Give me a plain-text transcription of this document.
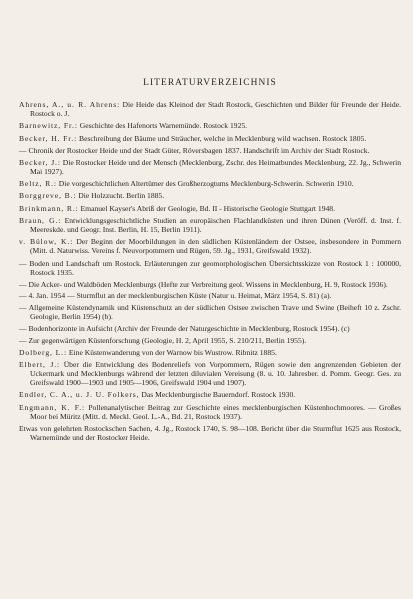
LITERATURVERZEICHNIS
Ahrens, A., u. R. Ahrens: Die Heide das Kleinod der Stadt Rostock, Geschichten und Bilder für Freunde der Heide. Rostock o. J.
Barnewitz, Fr.: Geschichte des Hafenorts Warnemünde. Rostock 1925.
Becker, H. Fr.: Beschreibung der Bäume und Sträucher, welche in Mecklenburg wild wachsen. Rostock 1805.
— Chronik der Rostocker Heide und der Stadt Güter, Röversbagen 1837. Handschrift im Archiv der Stadt Rostock.
Becker, J.: Die Rostocker Heide und der Mensch (Mecklenburg, Zschr. des Heimatbundes Mecklenburg, 22. Jg., Schwerin Mai 1927).
Beltz, R.: Die vorgeschichtlichen Altertümer des Großherzogtums Mecklenburg-Schwerin. Schwerin 1910.
Borggreve, B.: Die Holzzucht. Berlin 1885.
Brinkmann, R.: Emanuel Kayser's Abriß der Geologie, Bd. II - Historische Geologie Stuttgart 1948.
Braun, G.: Entwicklungsgeschichtliche Studien an europäischen Flachlandküsten und ihren Dünen (Veröff. d. Inst. f. Meereskde. und Geogr. Inst. Berlin, H. 15, Berlin 1911).
v. Bülow, K.: Der Beginn der Moorbildungen in den südlichen Küstenländern der Ostsee, insbesondere in Pommern (Mitt. d. Naturwiss. Vereins f. Neuvorpommern und Rügen, 59. Jg., 1931, Greifswald 1932).
— Boden und Landschaft um Rostock. Erläuterungen zur geomorphologischen Übersichtsskizze von Rostock 1 : 100000, Rostock 1935.
— Die Acker- und Waldböden Mecklenburgs (Hefte zur Verbreitung geol. Wissens in Mecklenburg, H. 9, Rostock 1936).
— 4. Jan. 1954 — Sturmflut an der mecklenburgischen Küste (Natur u. Heimat, März 1954, S. 81) (a).
— Allgemeine Küstendynamik und Küstenschutz an der südlichen Ostsee zwischen Trave und Swine (Beiheft 10 z. Zschr. Geologie, Berlin 1954) (b).
— Bodenhorizonte in Aufsicht (Archiv der Freunde der Naturgeschichte in Mecklenburg, Rostock 1954). (c)
— Zur gegenwärtigen Küstenforschung (Geologie, H. 2, April 1955, S. 210/211, Berlin 1955).
Dolberg, L.: Eine Küstenwanderung von der Warnow bis Wustrow. Ribnitz 1885.
Elbert, J.: Über die Entwicklung des Bodenreliefs von Vorpommern, Rügen sowie den angrenzenden Gebieten der Uckermark und Mecklenburgs während der letzten diluvialen Vereisung (8. u. 10. Jahresber. d. Pomm. Geogr. Ges. zu Greifswald 1900—1903 und 1905—1906, Greifswald 1904 und 1907).
Endler, C. A., u. J. U. Folkers, Das Mecklenburgische Bauerndorf. Rostock 1930.
Engmann, K. F.: Pollenanalytischer Beitrag zur Geschichte eines mecklenburgischen Küstenhochmoores. — Großes Moor bei Müritz (Mitt. d. Meckl. Geol. L.-A., Bd. 21, Rostock 1937).
Etwas von gelehrten Rostockschen Sachen, 4. Jg., Rostock 1740, S. 98—108. Bericht über die Sturmflut 1625 aus Rostock, Warnemünde und der Rostocker Heide.
